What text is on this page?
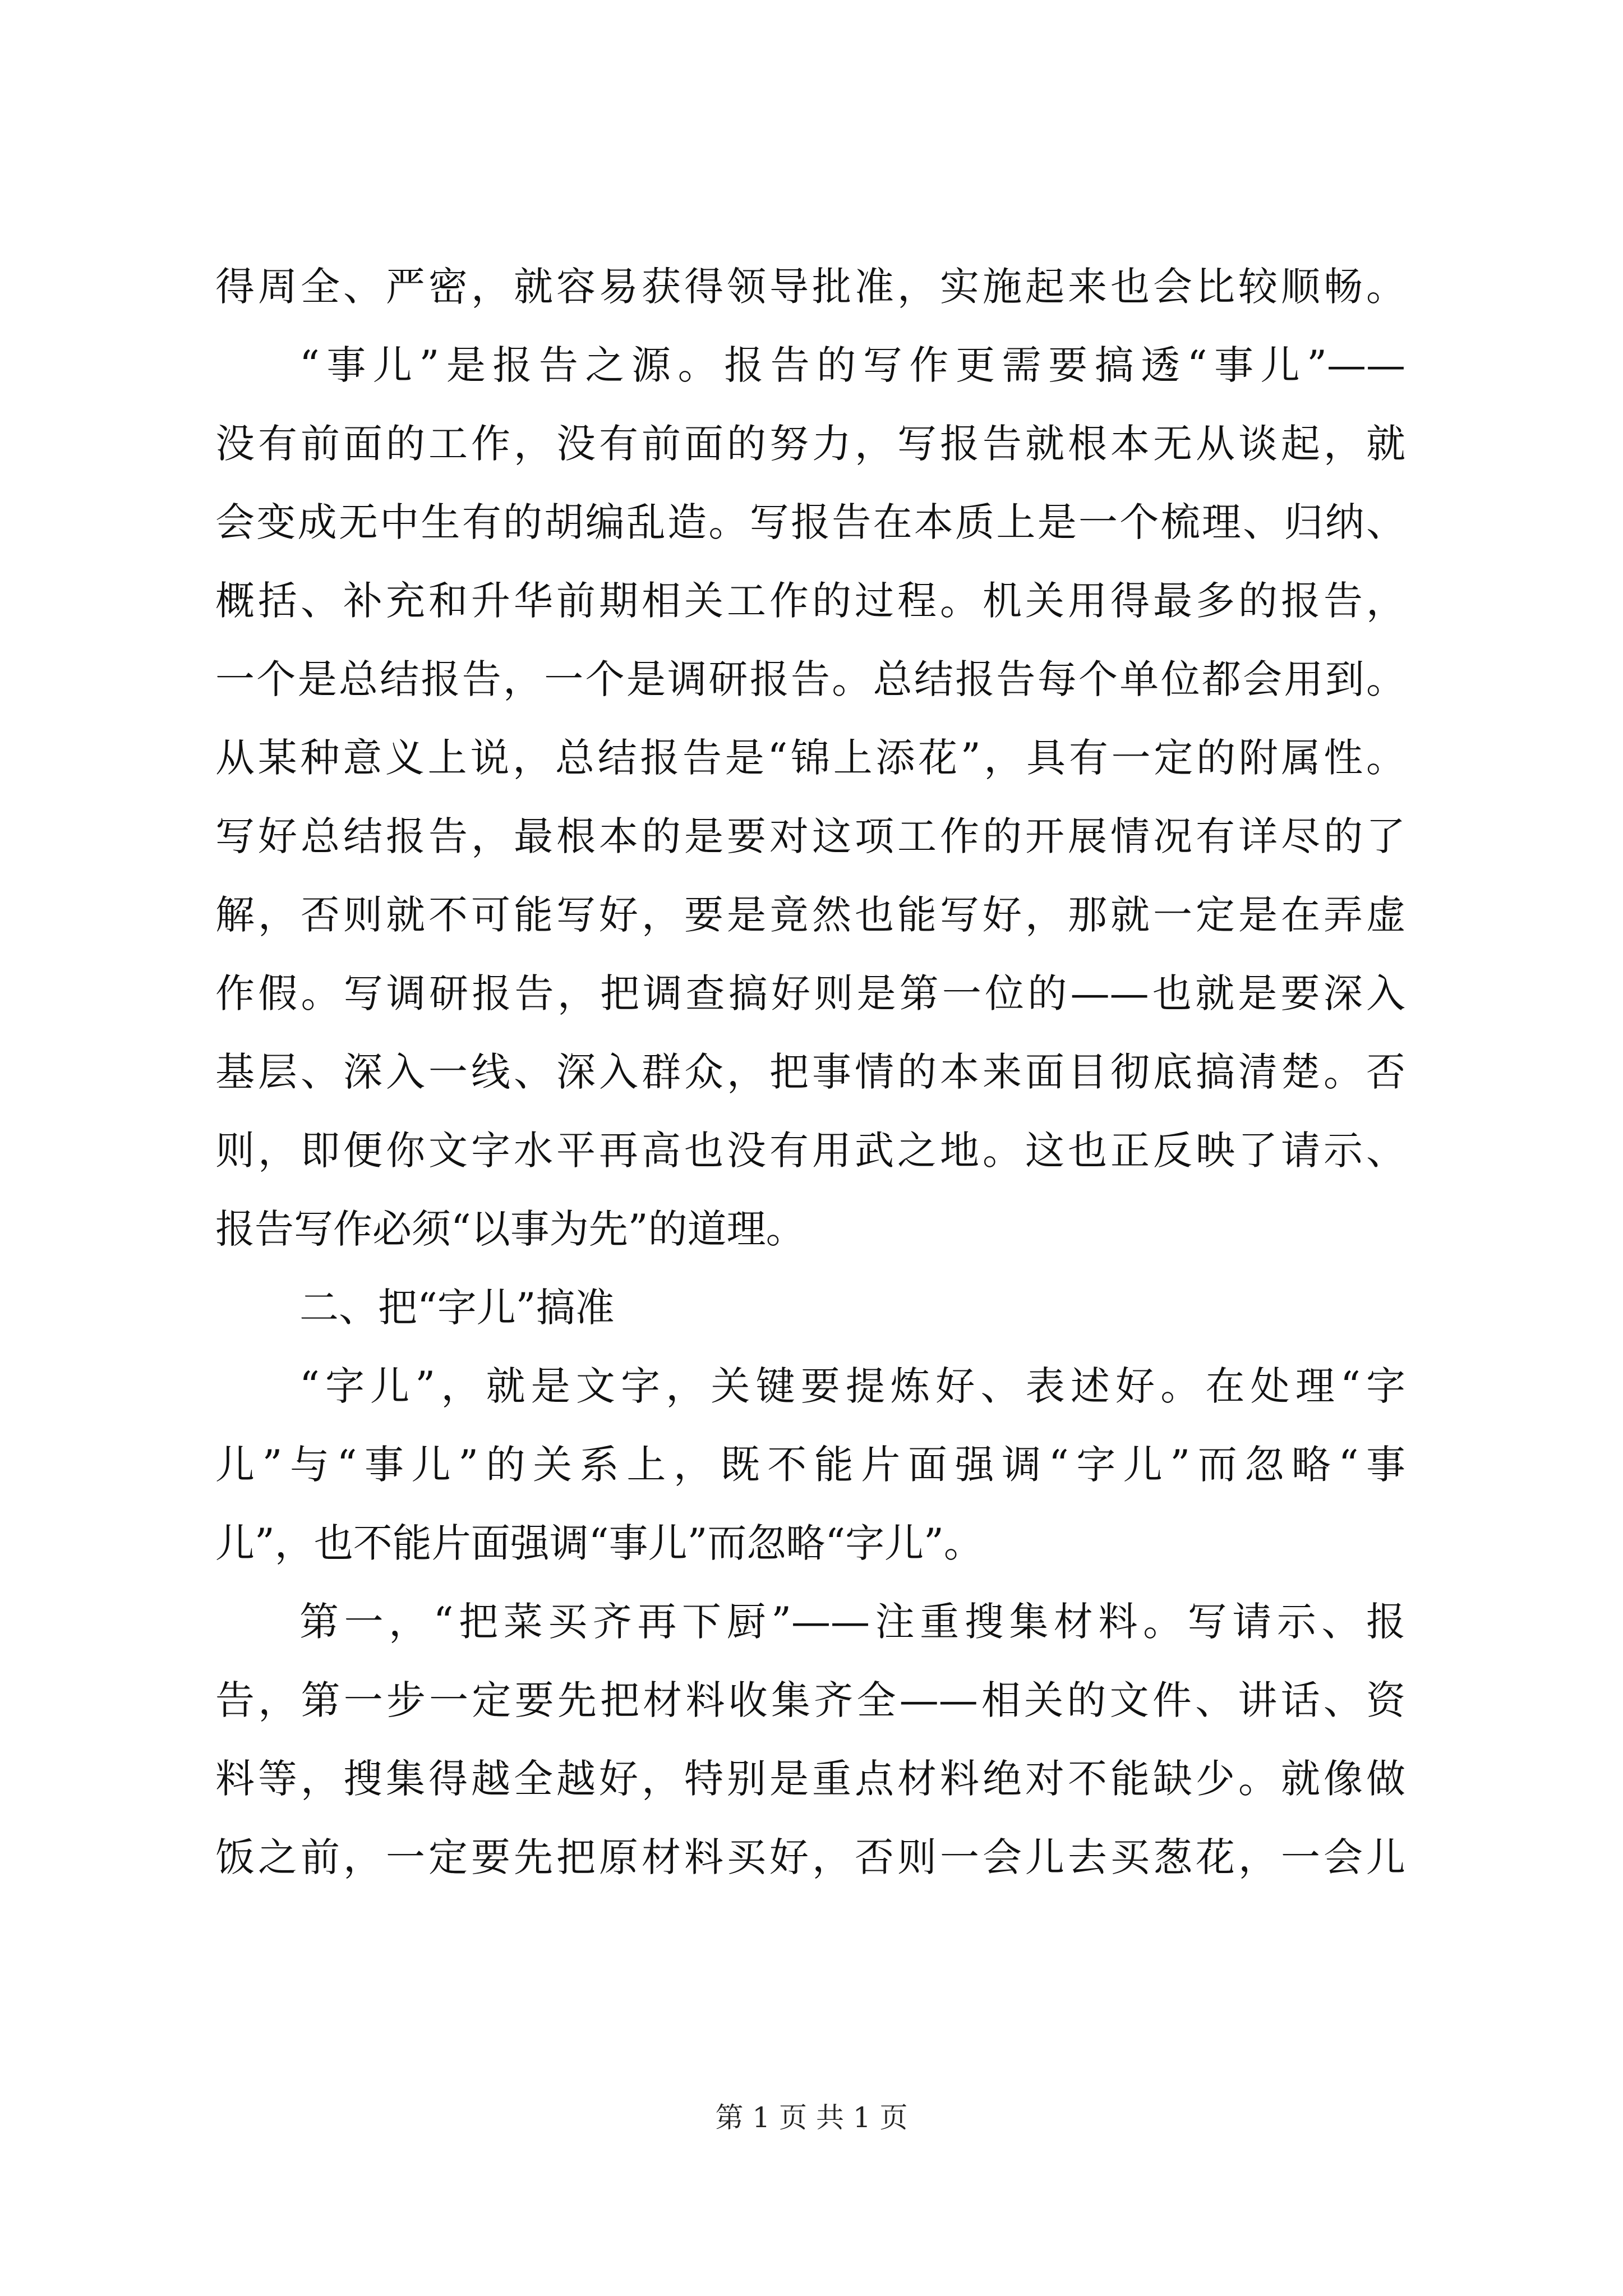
得周全、严密，就容易获得领导批准，实施起来也会比较顺畅。
“事儿”是报告之源。报告的写作更需要搞透“事儿”——
没有前面的工作，没有前面的努力，写报告就根本无从谈起，就
会变成无中生有的胡编乱造。写报告在本质上是一个梳理、归纳、
概括、补充和升华前期相关工作的过程。机关用得最多的报告，
一个是总结报告，一个是调研报告。总结报告每个单位都会用到。
从某种意义上说，总结报告是“锦上添花”，具有一定的附属性。
写好总结报告，最根本的是要对这项工作的开展情况有详尽的了
解，否则就不可能写好，要是竟然也能写好，那就一定是在弄虚
作假。写调研报告，把调查搞好则是第一位的——也就是要深入
基层、深入一线、深入群众，把事情的本来面目彻底搞清楚。否
则，即便你文字水平再高也没有用武之地。这也正反映了请示、
报告写作必须“以事为先”的道理。
二、把“字儿”搞准
“字儿”，就是文字，关键要提炼好、表述好。在处理“字
儿”与“事儿”的关系上，既不能片面强调“字儿”而忽略“事
儿”，也不能片面强调“事儿”而忽略“字儿”。
第一，“把菜买齐再下厨”——注重搜集材料。写请示、报
告，第一步一定要先把材料收集齐全——相关的文件、讲话、资
料等，搜集得越全越好，特别是重点材料绝对不能缺少。就像做
饭之前，一定要先把原材料买好，否则一会儿去买葱花，一会儿
第 1 页 共 1 页
